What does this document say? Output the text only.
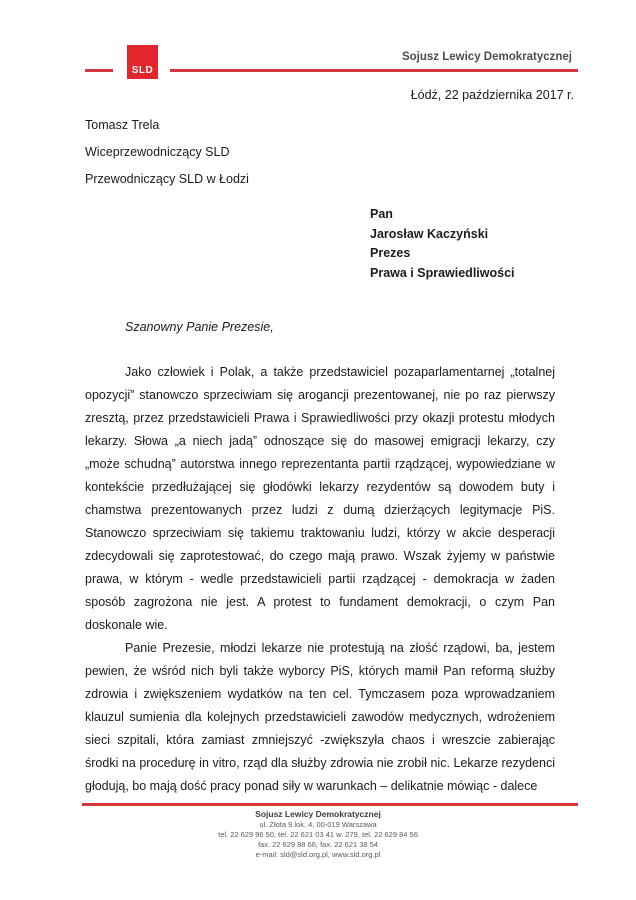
SLD
Sojusz Lewicy Demokratycznej
Łódź, 22 października 2017 r.
Tomasz Trela
Wiceprzewodniczący SLD
Przewodniczący SLD w Łodzi
Pan
Jarosław Kaczyński
Prezes
Prawa i Sprawiedliwości
Szanowny Panie Prezesie,

Jako człowiek i Polak, a także przedstawiciel pozaparlamentarnej „totalnej opozycji” stanowczo sprzeciwiam się arogancji prezentowanej, nie po raz pierwszy zresztą, przez przedstawicieli Prawa i Sprawiedliwości przy okazji protestu młodych lekarzy. Słowa „a niech jadą” odnoszące się do masowej emigracji lekarzy, czy „może schudną” autorstwa innego reprezentanta partii rządzącej, wypowiedziane w kontekście przedłużającej się głodówki lekarzy rezydentów są dowodem buty i chamstwa prezentowanych przez ludzi z dumą dzierżących legitymacje PiS. Stanowczo sprzeciwiam się takiemu traktowaniu ludzi, którzy w akcie desperacji zdecydowali się zaprotestować, do czego mają prawo. Wszak żyjemy w państwie prawa, w którym - wedle przedstawicieli partii rządzącej - demokracja w żaden sposób zagrożona nie jest. A protest to fundament demokracji, o czym Pan doskonale wie.

Panie Prezesie, młodzi lekarze nie protestują na złość rządowi, ba, jestem pewien, że wśród nich byli także wyborcy PiS, których mamił Pan reformą służby zdrowia i zwiększeniem wydatków na ten cel. Tymczasem poza wprowadzaniem klauzul sumienia dla kolejnych przedstawicieli zawodów medycznych, wdrożeniem sieci szpitali, która zamiast zmniejszyć -zwiększyła chaos i wreszcie zabierając środki na procedurę in vitro, rząd dla służby zdrowia nie zrobił nic. Lekarze rezydenci głodują, bo mają dość pracy ponad siły w warunkach – delikatnie mówiąc - dalece

Sojusz Lewicy Demokratycznej
ul. Złota 9 lok. 4, 00-019 Warszawa
tel. 22 629 96 50, tel. 22 621 03 41 w. 279, tel. 22 629 84 56
fax. 22 629 88 66, fax. 22 621 38 54
e-mail: sld@sld.org.pl, www.sld.org.pl
